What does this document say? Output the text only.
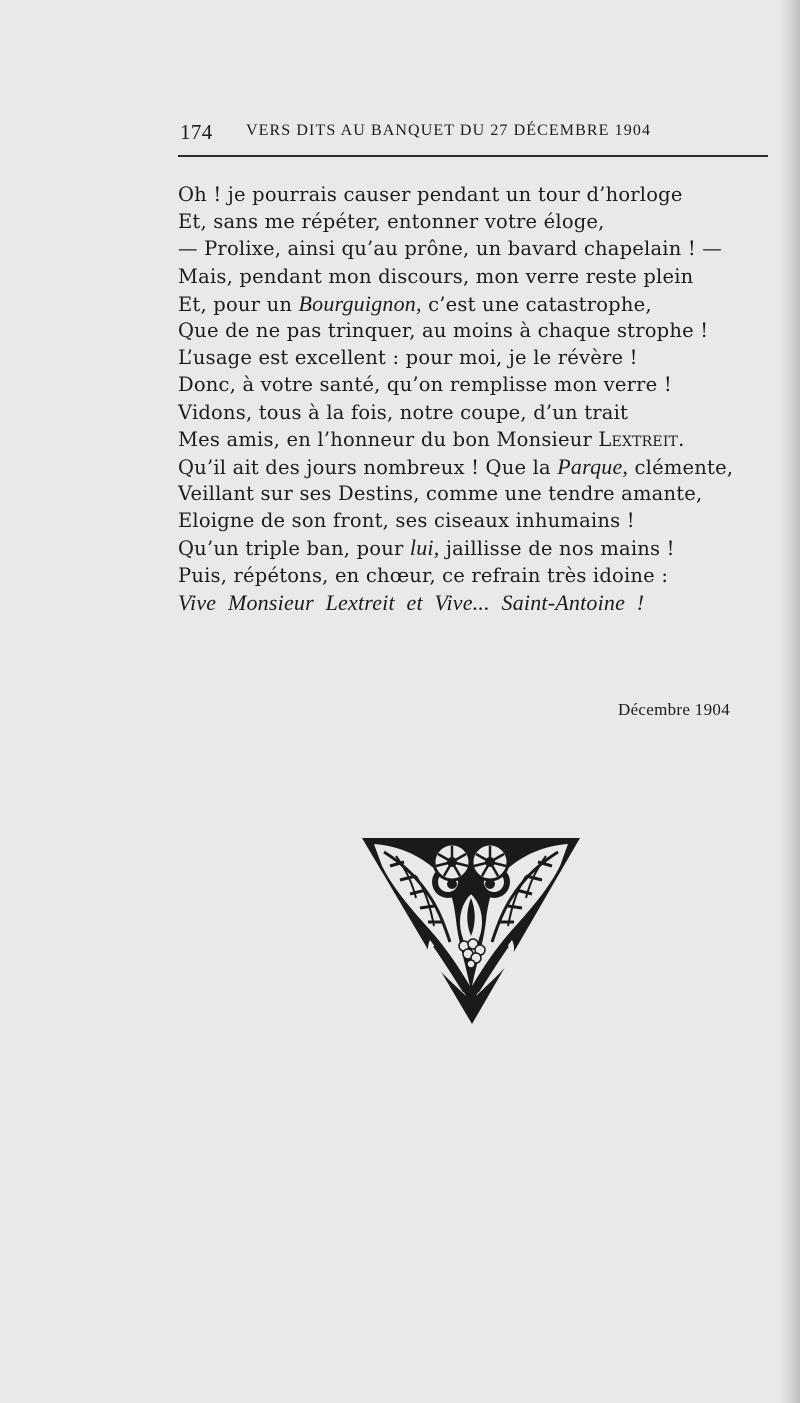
174 VERS DITS AU BANQUET DU 27 DÉCEMBRE 1904
Oh ! je pourrais causer pendant un tour d’horloge
Et, sans me répéter, entonner votre éloge,
— Prolixe, ainsi qu’au prône, un bavard chapelain ! —
Mais, pendant mon discours, mon verre reste plein
Et, pour un Bourguignon, c’est une catastrophe,
Que de ne pas trinquer, au moins à chaque strophe !
L’usage est excellent : pour moi, je le révère !
Donc, à votre santé, qu’on remplisse mon verre !
Vidons, tous à la fois, notre coupe, d’un trait
Mes amis, en l’honneur du bon Monsieur Lextreit.
Qu’il ait des jours nombreux ! Que la Parque, clémente,
Veillant sur ses Destins, comme une tendre amante,
Eloigne de son front, ses ciseaux inhumains !
Qu’un triple ban, pour lui, jaillisse de nos mains !
Puis, répétons, en chœur, ce refrain très idoine :
Vive Monsieur Lextreit et Vive... Saint-Antoine !
Décembre 1904
